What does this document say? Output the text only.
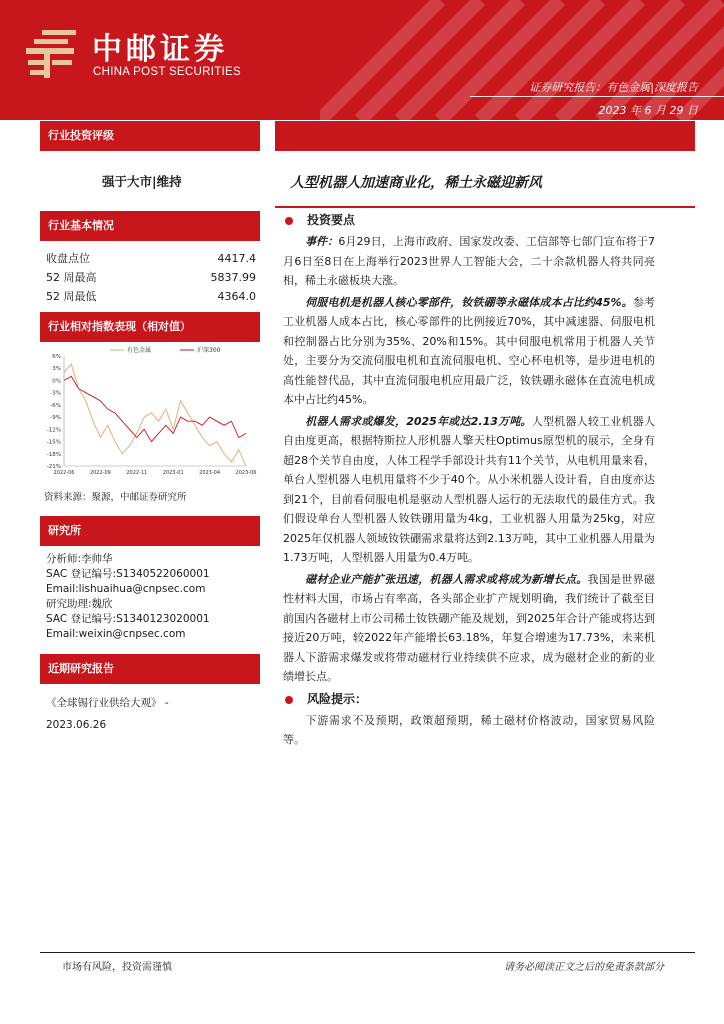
中邮证券
CHINA POST SECURITIES
证券研究报告：有色金属|深度报告
2023 年 6 月 29 日
行业投资评级
强于大市|维持
行业基本情况
收盘点位	4417.4
52 周最高	5837.99
52 周最低	4364.0
行业相对指数表现（相对值）
6%
3%
0%
-3%
-6%
-9%
-12%
-15%
-18%
-21%
2022-06	2022-09	2022-11	2023-01	2023-04	2023-06
有色金属	沪深300
资料来源：聚源，中邮证券研究所
研究所
分析师:李帅华
SAC 登记编号:S1340522060001
Email:lishuaihua@cnpsec.com
研究助理:魏欣
SAC 登记编号:S1340123020001
Email:weixin@cnpsec.com
近期研究报告
《全球锡行业供给大观》 -
2023.06.26
人型机器人加速商业化，稀土永磁迎新风
投资要点
事件：6月29日，上海市政府、国家发改委、工信部等七部门宣布将于7月6日至8日在上海举行2023世界人工智能大会，二十余款机器人将共同亮相，稀土永磁板块大涨。
伺服电机是机器人核心零部件，钕铁硼等永磁体成本占比约45%。参考工业机器人成本占比，核心零部件的比例接近70%，其中减速器、伺服电机和控制器占比分别为35%、20%和15%。其中伺服电机常用于机器人关节处，主要分为交流伺服电机和直流伺服电机、空心杯电机等，是步进电机的高性能替代品，其中直流伺服电机应用最广泛，钕铁硼永磁体在直流电机成本中占比约45%。
机器人需求或爆发，2025年或达2.13万吨。人型机器人较工业机器人自由度更高，根据特斯拉人形机器人擎天柱Optimus原型机的展示，全身有超28个关节自由度，人体工程学手部设计共有11个关节，从电机用量来看，单台人型机器人电机用量将不少于40个。从小米机器人设计看，自由度亦达到21个，目前看伺服电机是驱动人型机器人运行的无法取代的最佳方式。我们假设单台人型机器人钕铁硼用量为4kg，工业机器人用量为25kg，对应2025年仅机器人领域钕铁硼需求量将达到2.13万吨，其中工业机器人用量为1.73万吨，人型机器人用量为0.4万吨。
磁材企业产能扩张迅速，机器人需求或将成为新增长点。我国是世界磁性材料大国，市场占有率高，各头部企业扩产规划明确，我们统计了截至目前国内各磁材上市公司稀土钕铁硼产能及规划，到2025年合计产能或将达到接近20万吨，较2022年产能增长63.18%，年复合增速为17.73%，未来机器人下游需求爆发或将带动磁材行业持续供不应求，成为磁材企业的新的业绩增长点。
风险提示：
下游需求不及预期，政策超预期，稀土磁材价格波动，国家贸易风险等。
市场有风险，投资需谨慎	请务必阅读正文之后的免责条款部分
